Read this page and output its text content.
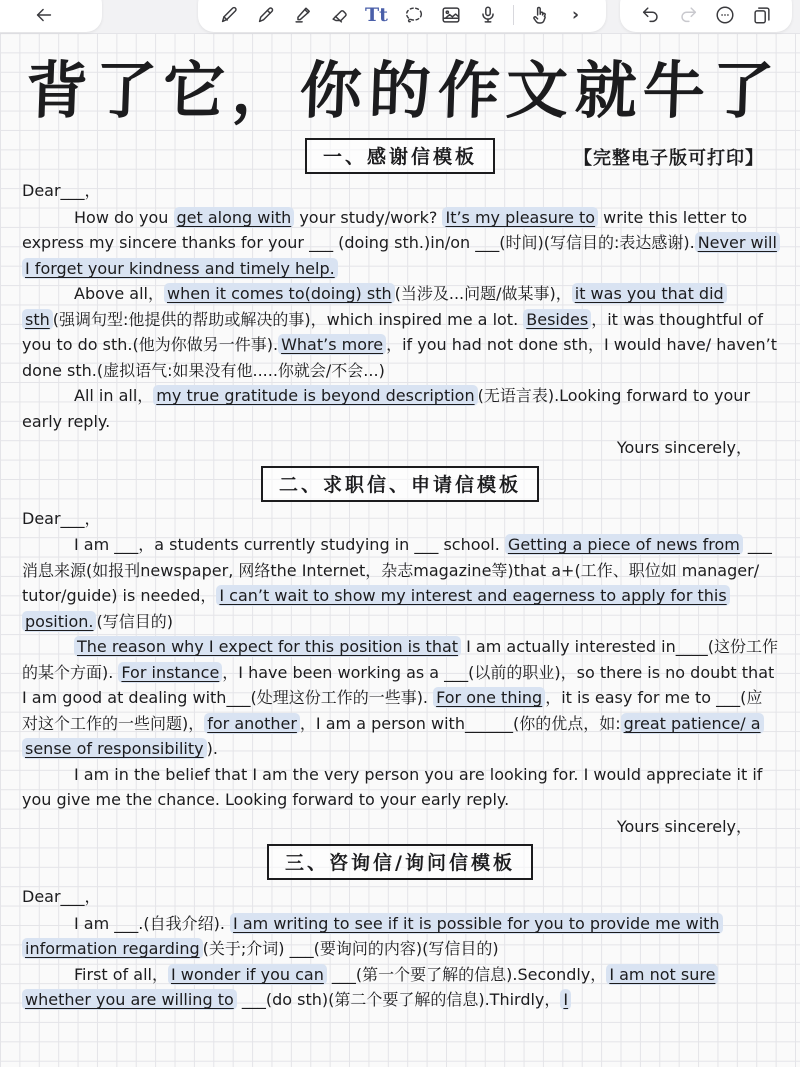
背 了 它 ， 你 的 作 文 就 牛 了
一、感谢信模板	【完整电子版可打印】
Dear___，
How do you get along with your study/work? It’s my pleasure to write this letter to express my sincere thanks for your ___ (doing sth.)in/on ___(时间)(写信目的:表达感谢). Never will I forget your kindness and timely help.
Above all， when it comes to(doing) sth (当涉及...问题/做某事)， it was you that did sth (强调句型:他提供的帮助或解决的事)，which inspired me a lot. Besides ，it was thoughtful of you to do sth.(他为你做另一件事). What’s more ，if you had not done sth，I would have/ haven’t done sth.(虚拟语气:如果没有他.....你就会/不会...)
All in all， my true gratitude is beyond description (无语言表).Looking forward to your early reply.
Yours sincerely，
二、求职信、申请信模板
Dear___，
I am ___，a students currently studying in ___ school. Getting a piece of news from ___消息来源(如报刊newspaper, 网络the Internet，杂志magazine等)that a+(工作、职位如 manager/ tutor/guide) is needed， I can’t wait to show my interest and eagerness to apply for this position. (写信目的)
The reason why I expect for this position is that I am actually interested in____(这份工作的某个方面). For instance ，I have been working as a ___(以前的职业)，so there is no doubt that I am good at dealing with___(处理这份工作的一些事). For one thing ，it is easy for me to ___(应对这个工作的一些问题)， for another ，I am a person with______(你的优点，如: great patience/ a sense of responsibility ).
I am in the belief that I am the very person you are looking for. I would appreciate it if you give me the chance. Looking forward to your early reply.
Yours sincerely，
三、咨询信/询问信模板
Dear___，
I am ___.(自我介绍). I am writing to see if it is possible for you to provide me with information regarding (关于;介词) ___(要询问的内容)(写信目的)
First of all， I wonder if you can ___(第一个要了解的信息).Secondly， I am not sure whether you are willing to ___(do sth)(第二个要了解的信息).Thirdly， I
Tt	›
